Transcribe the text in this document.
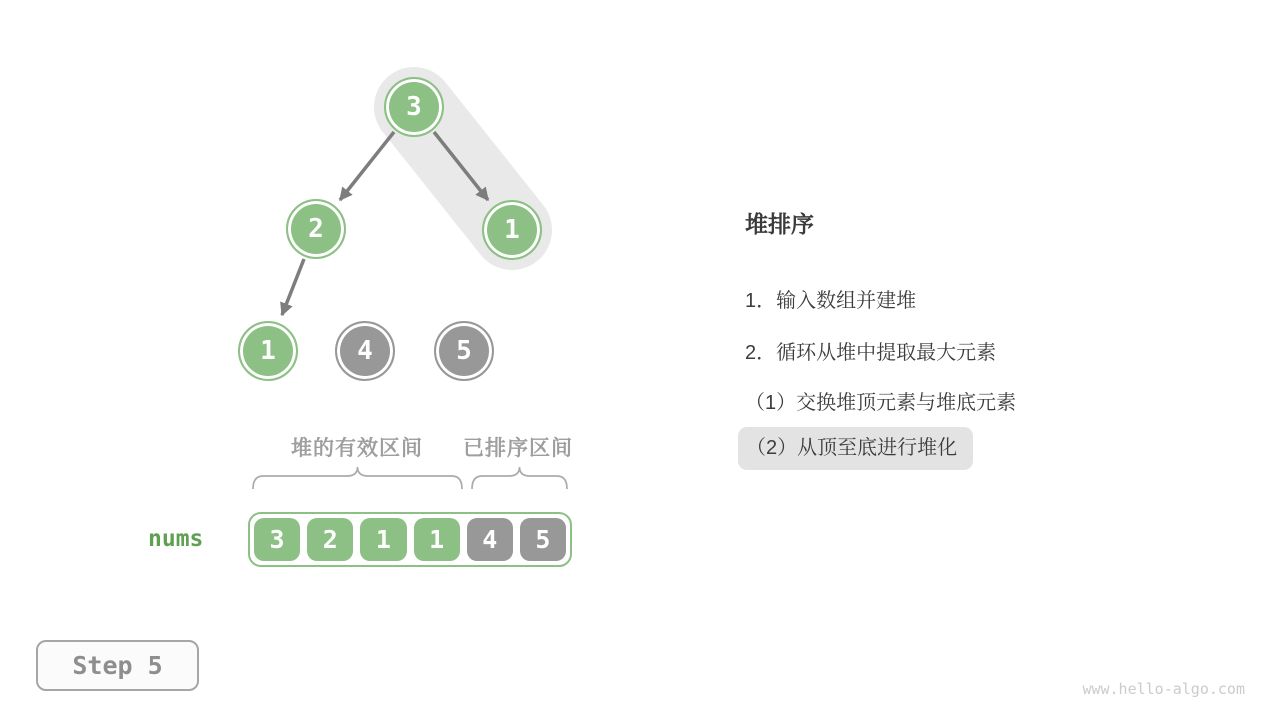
3
2	1
1	4	5
堆的有效区间 已排序区间
nums	3	2	1	1	4	5
堆排序
1．输入数组并建堆
2．循环从堆中提取最大元素
（1）交换堆顶元素与堆底元素
（2）从顶至底进行堆化
Step 5
www.hello-algo.com
